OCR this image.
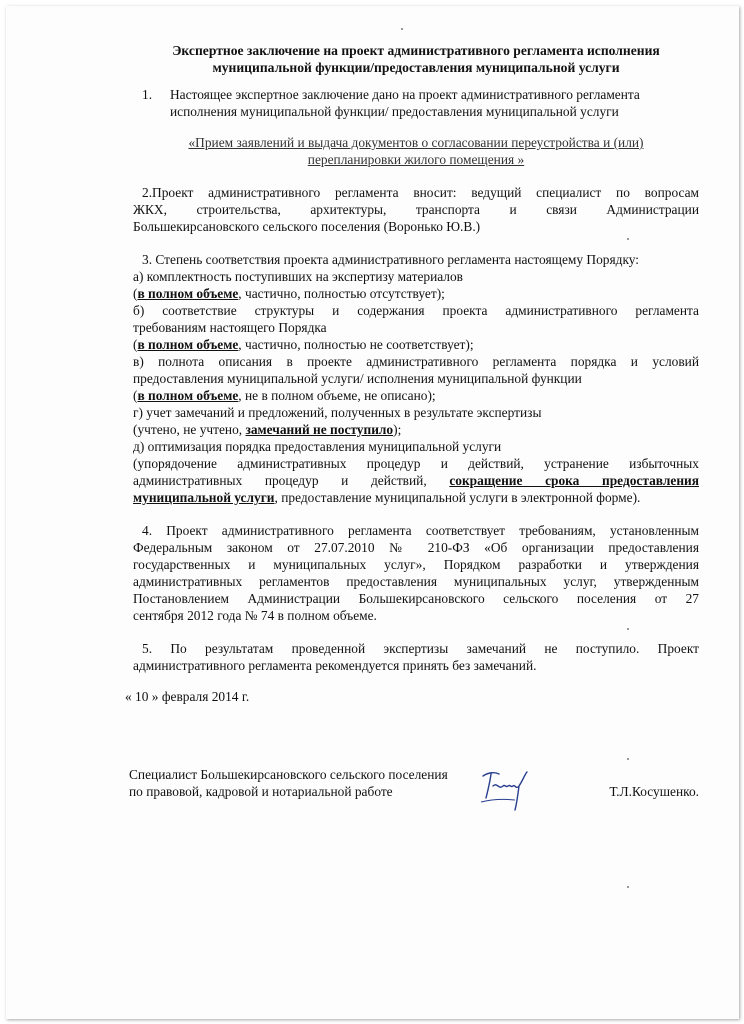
Экспертное заключение на проект административного регламента исполнения

муниципальной функции/предоставления муниципальной услуги

1.	Настоящее экспертное заключение дано на проект административного регламента

исполнения муниципальной функции/ предоставления муниципальной услуги

«Прием заявлений и выдача документов о согласовании переустройства и (или)

перепланировки жилого помещения »

2.Проект административного регламента вносит: ведущий специалист по вопросам

ЖКХ, строительства, архитектуры, транспорта и связи Администрации

Большекирсановского сельского поселения (Воронько Ю.В.)

3. Степень соответствия проекта административного регламента настоящему Порядку:

а) комплектность поступивших на экспертизу материалов

(в полном объеме, частично, полностью отсутствует);

б) соответствие структуры и содержания проекта административного регламента

требованиям настоящего Порядка

(в полном объеме, частично, полностью не соответствует);

в) полнота описания в проекте административного регламента порядка и условий

предоставления муниципальной услуги/ исполнения муниципальной функции

(в полном объеме, не в полном объеме, не описано);

г) учет замечаний и предложений, полученных в результате экспертизы

(учтено, не учтено, замечаний не поступило);

д) оптимизация порядка предоставления муниципальной услуги

(упорядочение административных процедур и действий, устранение избыточных

административных процедур и действий, сокращение срока предоставления

муниципальной услуги, предоставление муниципальной услуги в электронной форме).

4. Проект административного регламента соответствует требованиям, установленным

Федеральным законом от 27.07.2010 № 210-ФЗ «Об организации предоставления

государственных и муниципальных услуг», Порядком разработки и утверждения

административных регламентов предоставления муниципальных услуг, утвержденным

Постановлением Администрации Большекирсановского сельского поселения от 27

сентября 2012 года № 74 в полном объеме.

5. По результатам проведенной экспертизы замечаний не поступило. Проект

административного регламента рекомендуется принять без замечаний.

« 10 » февраля 2014 г.

Специалист Большекирсановского сельского поселения

по правовой, кадровой и нотариальной работе	Т.Л.Косушенко.
